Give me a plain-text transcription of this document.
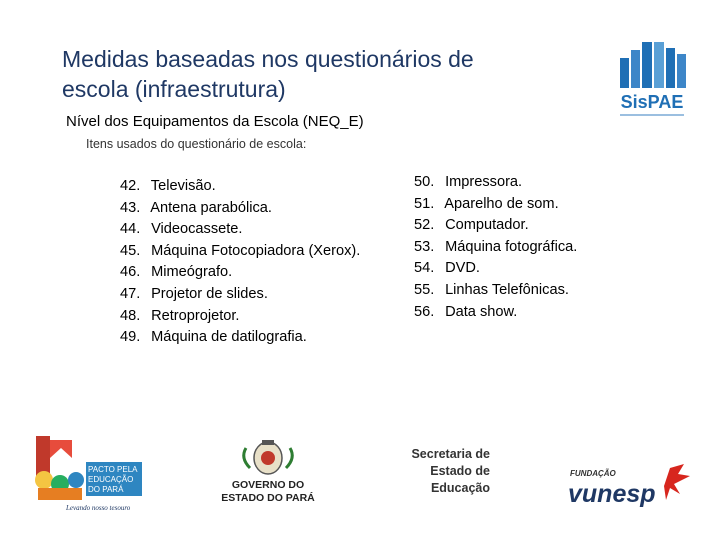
Medidas baseadas nos questionários de
escola (infraestrutura)
Nível dos Equipamentos da Escola (NEQ_E)
Itens usados do questionário de escola:
42. Televisão.
43. Antena parabólica.
44. Videocassete.
45. Máquina Fotocopiadora (Xerox).
46. Mimeógrafo.
47. Projetor de slides.
48. Retroprojetor.
49. Máquina de datilografia.
50. Impressora.
51. Aparelho de som.
52. Computador.
53. Máquina fotográfica.
54. DVD.
55. Linhas Telefônicas.
56. Data show.
SisPAE
PACTO PELA
EDUCAÇÃO
DO PARÁ
Levando nosso tesouro
GOVERNO DO
ESTADO DO PARÁ
Secretaria de
Estado de
Educação
FUNDAÇÃO
vunesp
